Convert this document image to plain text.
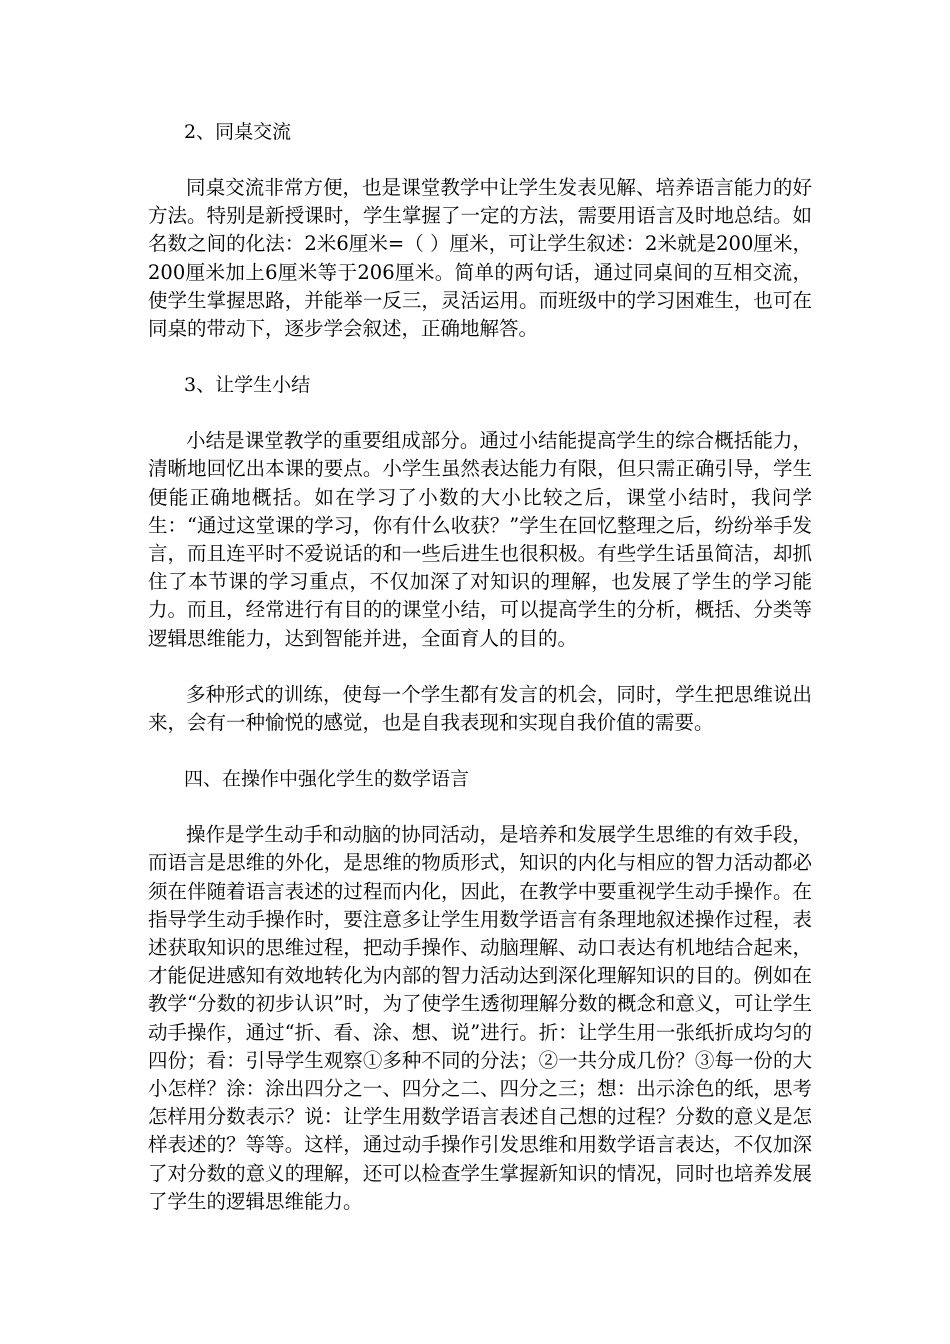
2、同桌交流

同桌交流非常方便，也是课堂教学中让学生发表见解、培养语言能力的好方法。特别是新授课时，学生掌握了一定的方法，需要用语言及时地总结。如名数之间的化法：2米6厘米=（ ）厘米，可让学生叙述：2米就是200厘米，200厘米加上6厘米等于206厘米。简单的两句话，通过同桌间的互相交流，使学生掌握思路，并能举一反三，灵活运用。而班级中的学习困难生，也可在同桌的带动下，逐步学会叙述，正确地解答。

3、让学生小结

小结是课堂教学的重要组成部分。通过小结能提高学生的综合概括能力，清晰地回忆出本课的要点。小学生虽然表达能力有限，但只需正确引导，学生便能正确地概括。如在学习了小数的大小比较之后，课堂小结时，我问学生：“通过这堂课的学习，你有什么收获？”学生在回忆整理之后，纷纷举手发言，而且连平时不爱说话的和一些后进生也很积极。有些学生话虽简洁，却抓住了本节课的学习重点，不仅加深了对知识的理解，也发展了学生的学习能力。而且，经常进行有目的的课堂小结，可以提高学生的分析，概括、分类等逻辑思维能力，达到智能并进，全面育人的目的。

多种形式的训练，使每一个学生都有发言的机会，同时，学生把思维说出来，会有一种愉悦的感觉，也是自我表现和实现自我价值的需要。

四、在操作中强化学生的数学语言

操作是学生动手和动脑的协同活动，是培养和发展学生思维的有效手段，而语言是思维的外化，是思维的物质形式，知识的内化与相应的智力活动都必须在伴随着语言表述的过程而内化，因此，在教学中要重视学生动手操作。在指导学生动手操作时，要注意多让学生用数学语言有条理地叙述操作过程，表述获取知识的思维过程，把动手操作、动脑理解、动口表达有机地结合起来，才能促进感知有效地转化为内部的智力活动达到深化理解知识的目的。例如在教学“分数的初步认识”时，为了使学生透彻理解分数的概念和意义，可让学生动手操作，通过“折、看、涂、想、说”进行。折：让学生用一张纸折成均匀的四份；看：引导学生观察①多种不同的分法；②一共分成几份？③每一份的大小怎样？涂：涂出四分之一、四分之二、四分之三；想：出示涂色的纸，思考怎样用分数表示？说：让学生用数学语言表述自己想的过程？分数的意义是怎样表述的？等等。这样，通过动手操作引发思维和用数学语言表达，不仅加深了对分数的意义的理解，还可以检查学生掌握新知识的情况，同时也培养发展了学生的逻辑思维能力。
